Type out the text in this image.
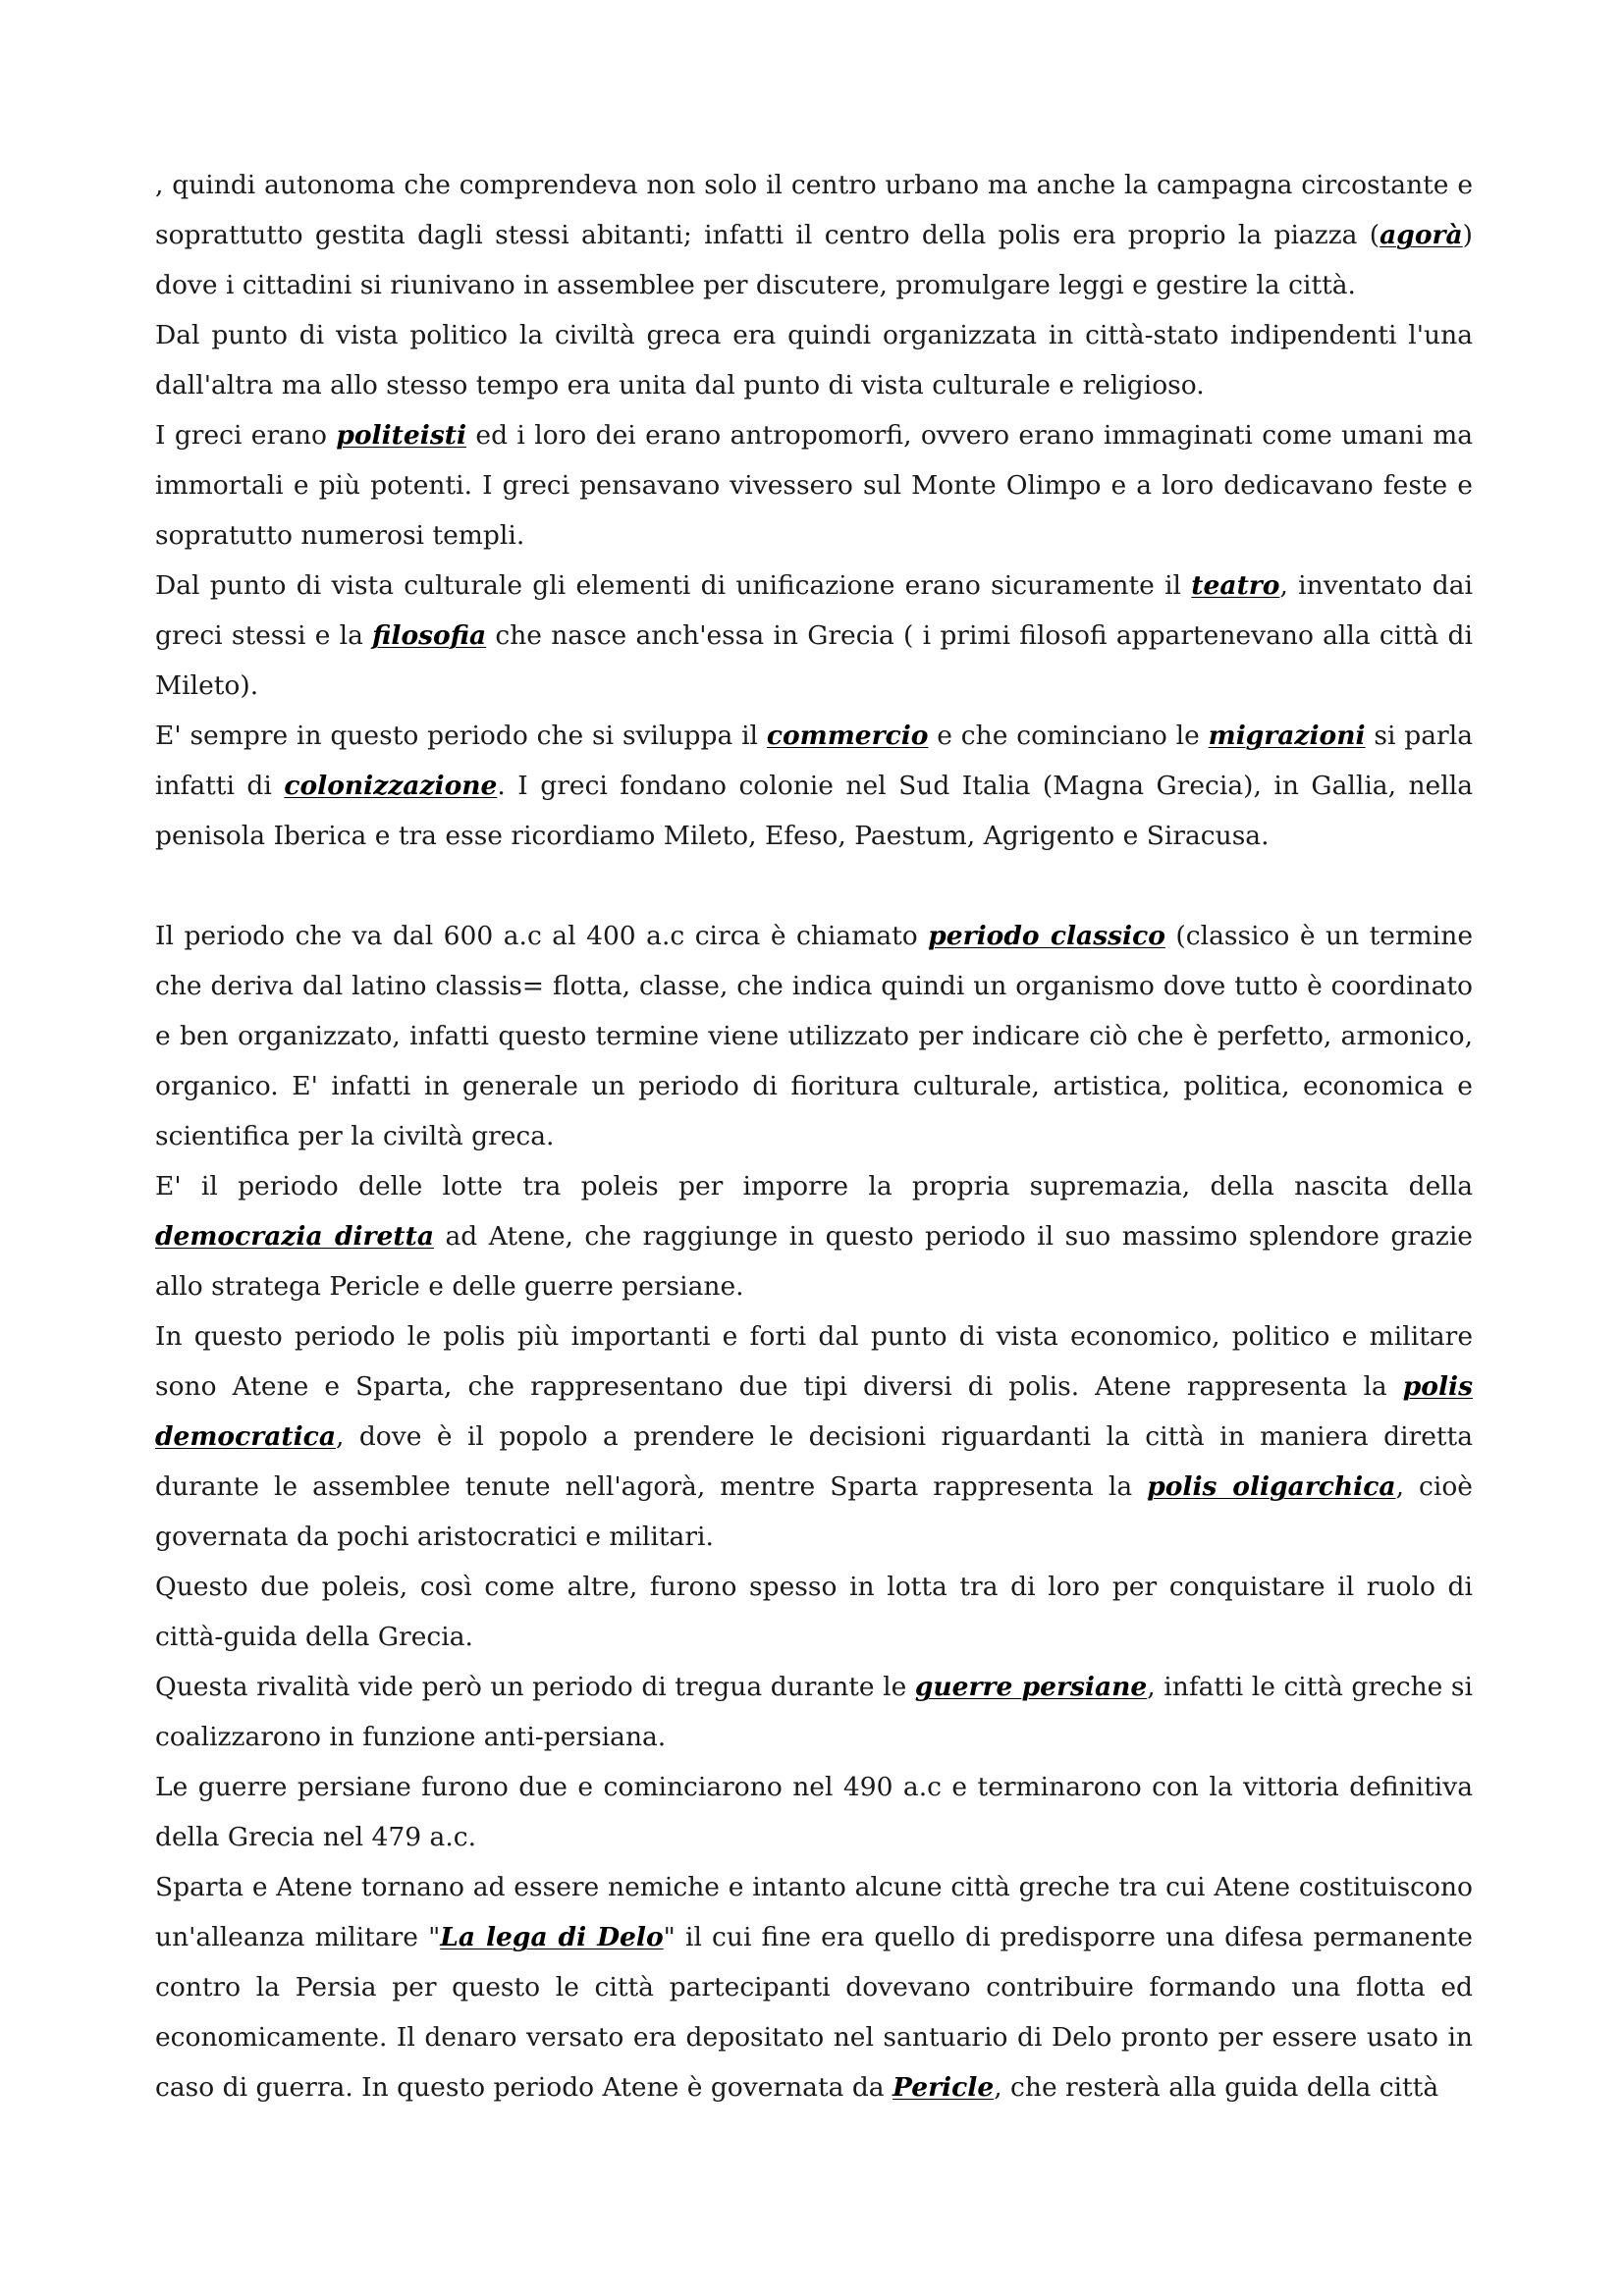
, quindi autonoma che comprendeva non solo il centro urbano ma anche la campagna circostante e soprattutto gestita dagli stessi abitanti; infatti il centro della polis era proprio la piazza (agorà) dove i cittadini si riunivano in assemblee per discutere, promulgare leggi e gestire la città.

Dal punto di vista politico la civiltà greca era quindi organizzata in città-stato indipendenti l'una dall'altra ma allo stesso tempo era unita dal punto di vista culturale e religioso.

I greci erano politeisti ed i loro dei erano antropomorfi, ovvero erano immaginati come umani ma immortali e più potenti. I greci pensavano vivessero sul Monte Olimpo e a loro dedicavano feste e sopratutto numerosi templi.

Dal punto di vista culturale gli elementi di unificazione erano sicuramente il teatro, inventato dai greci stessi e la filosofia che nasce anch'essa in Grecia ( i primi filosofi appartenevano alla città di Mileto).

E' sempre in questo periodo che si sviluppa il commercio e che cominciano le migrazioni si parla infatti di colonizzazione. I greci fondano colonie nel Sud Italia (Magna Grecia), in Gallia, nella penisola Iberica e tra esse ricordiamo Mileto, Efeso, Paestum, Agrigento e Siracusa.

Il periodo che va dal 600 a.c al 400 a.c circa è chiamato periodo classico (classico è un termine che deriva dal latino classis= flotta, classe, che indica quindi un organismo dove tutto è coordinato e ben organizzato, infatti questo termine viene utilizzato per indicare ciò che è perfetto, armonico, organico. E' infatti in generale un periodo di fioritura culturale, artistica, politica, economica e scientifica per la civiltà greca.

E' il periodo delle lotte tra poleis per imporre la propria supremazia, della nascita della democrazia diretta ad Atene, che raggiunge in questo periodo il suo massimo splendore grazie allo stratega Pericle e delle guerre persiane.

In questo periodo le polis più importanti e forti dal punto di vista economico, politico e militare sono Atene e Sparta, che rappresentano due tipi diversi di polis. Atene rappresenta la polis democratica, dove è il popolo a prendere le decisioni riguardanti la città in maniera diretta durante le assemblee tenute nell'agorà, mentre Sparta rappresenta la polis oligarchica, cioè governata da pochi aristocratici e militari.

Questo due poleis, così come altre, furono spesso in lotta tra di loro per conquistare il ruolo di città-guida della Grecia.

Questa rivalità vide però un periodo di tregua durante le guerre persiane, infatti le città greche si coalizzarono in funzione anti-persiana.

Le guerre persiane furono due e cominciarono nel 490 a.c e terminarono con la vittoria definitiva della Grecia nel 479 a.c.

Sparta e Atene tornano ad essere nemiche e intanto alcune città greche tra cui Atene costituiscono un'alleanza militare "La lega di Delo" il cui fine era quello di predisporre una difesa permanente contro la Persia per questo le città partecipanti dovevano contribuire formando una flotta ed economicamente. Il denaro versato era depositato nel santuario di Delo pronto per essere usato in caso di guerra. In questo periodo Atene è governata da Pericle, che resterà alla guida della città
